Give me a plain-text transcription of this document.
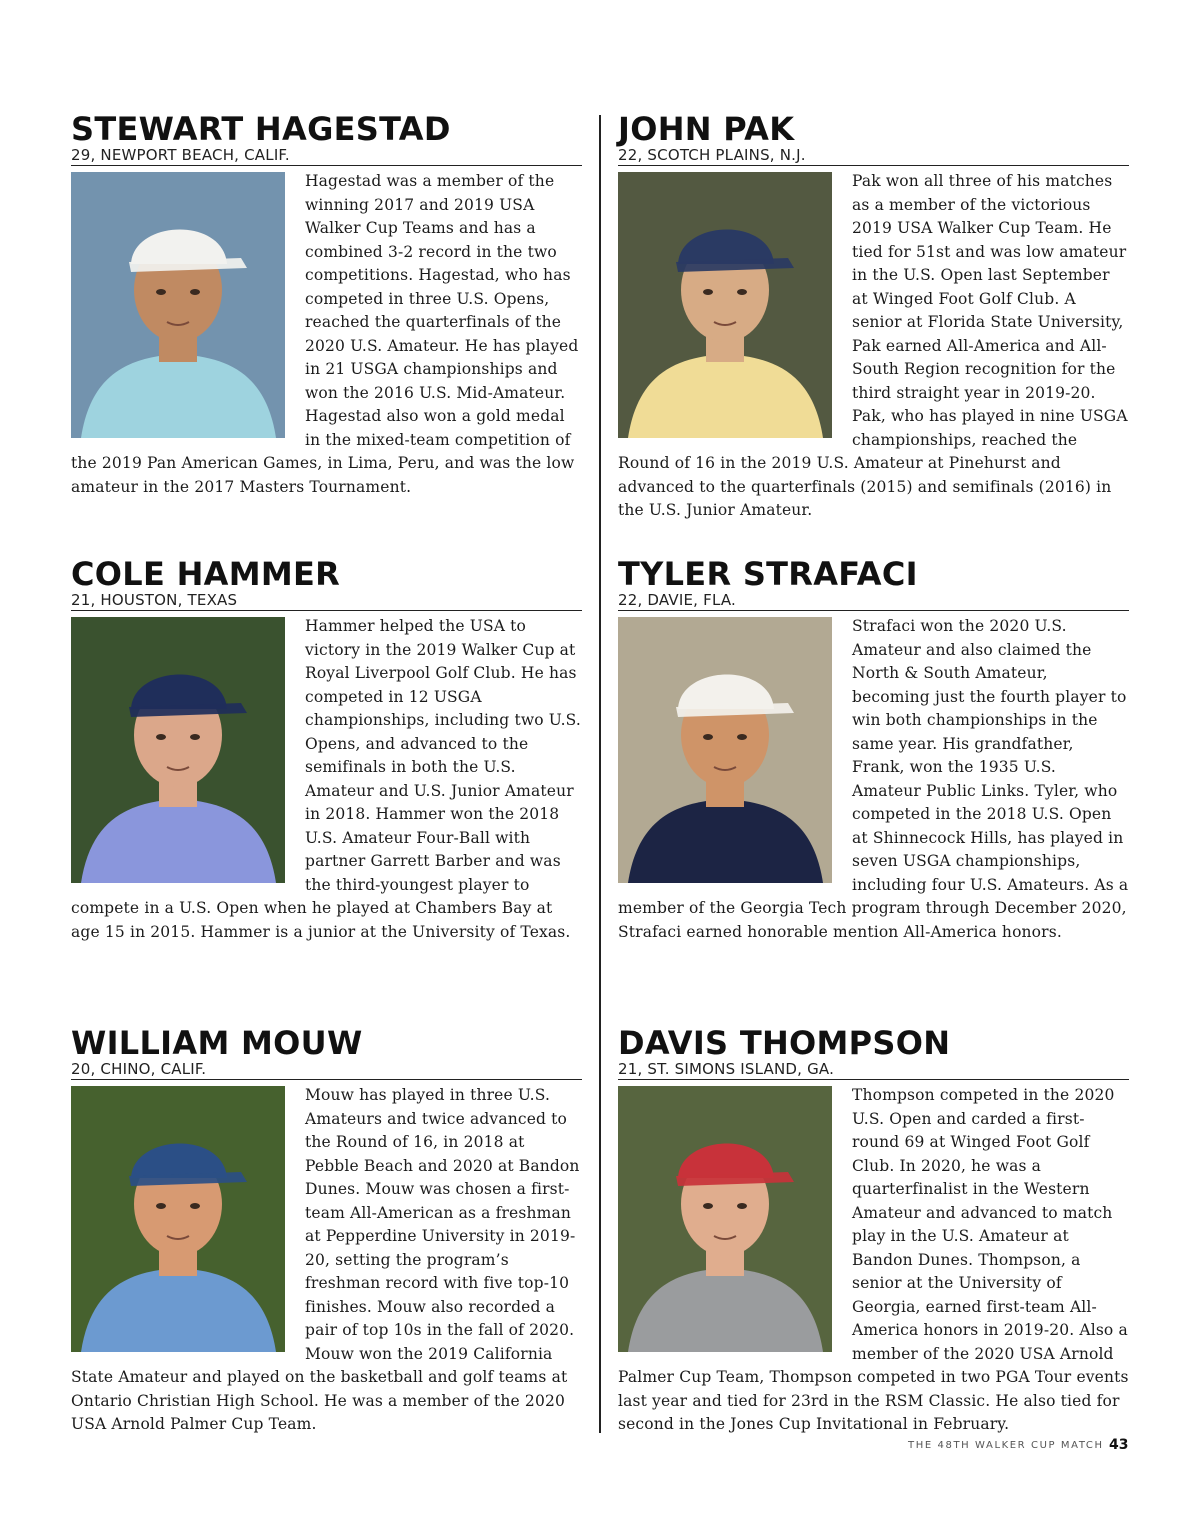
STEWART HAGESTAD
29, NEWPORT BEACH, CALIF.

Hagestad was a member of the winning 2017 and 2019 USA Walker Cup Teams and has a combined 3-2 record in the two competitions. Hagestad, who has competed in three U.S. Opens, reached the quarterfinals of the 2020 U.S. Amateur. He has played in 21 USGA championships and won the 2016 U.S. Mid-Amateur. Hagestad also won a gold medal in the mixed-team competition of the 2019 Pan American Games, in Lima, Peru, and was the low amateur in the 2017 Masters Tournament.

JOHN PAK
22, SCOTCH PLAINS, N.J.

Pak won all three of his matches as a member of the victorious 2019 USA Walker Cup Team. He tied for 51st and was low amateur in the U.S. Open last September at Winged Foot Golf Club. A senior at Florida State University, Pak earned All-America and All-South Region recognition for the third straight year in 2019-20. Pak, who has played in nine USGA championships, reached the Round of 16 in the 2019 U.S. Amateur at Pinehurst and advanced to the quarterfinals (2015) and semifinals (2016) in the U.S. Junior Amateur.

COLE HAMMER
21, HOUSTON, TEXAS

Hammer helped the USA to victory in the 2019 Walker Cup at Royal Liverpool Golf Club. He has competed in 12 USGA championships, including two U.S. Opens, and advanced to the semifinals in both the U.S. Amateur and U.S. Junior Amateur in 2018. Hammer won the 2018 U.S. Amateur Four-Ball with partner Garrett Barber and was the third-youngest player to compete in a U.S. Open when he played at Chambers Bay at age 15 in 2015. Hammer is a junior at the University of Texas.

TYLER STRAFACI
22, DAVIE, FLA.

Strafaci won the 2020 U.S. Amateur and also claimed the North & South Amateur, becoming just the fourth player to win both championships in the same year. His grandfather, Frank, won the 1935 U.S. Amateur Public Links. Tyler, who competed in the 2018 U.S. Open at Shinnecock Hills, has played in seven USGA championships, including four U.S. Amateurs. As a member of the Georgia Tech program through December 2020, Strafaci earned honorable mention All-America honors.

WILLIAM MOUW
20, CHINO, CALIF.

Mouw has played in three U.S. Amateurs and twice advanced to the Round of 16, in 2018 at Pebble Beach and 2020 at Bandon Dunes. Mouw was chosen a first-team All-American as a freshman at Pepperdine University in 2019-20, setting the program’s freshman record with five top-10 finishes. Mouw also recorded a pair of top 10s in the fall of 2020. Mouw won the 2019 California State Amateur and played on the basketball and golf teams at Ontario Christian High School. He was a member of the 2020 USA Arnold Palmer Cup Team.

DAVIS THOMPSON
21, ST. SIMONS ISLAND, GA.

Thompson competed in the 2020 U.S. Open and carded a first-round 69 at Winged Foot Golf Club. In 2020, he was a quarterfinalist in the Western Amateur and advanced to match play in the U.S. Amateur at Bandon Dunes. Thompson, a senior at the University of Georgia, earned first-team All-America honors in 2019-20. Also a member of the 2020 USA Arnold Palmer Cup Team, Thompson competed in two PGA Tour events last year and tied for 23rd in the RSM Classic. He also tied for second in the Jones Cup Invitational in February.

THE 48TH WALKER CUP MATCH 43
